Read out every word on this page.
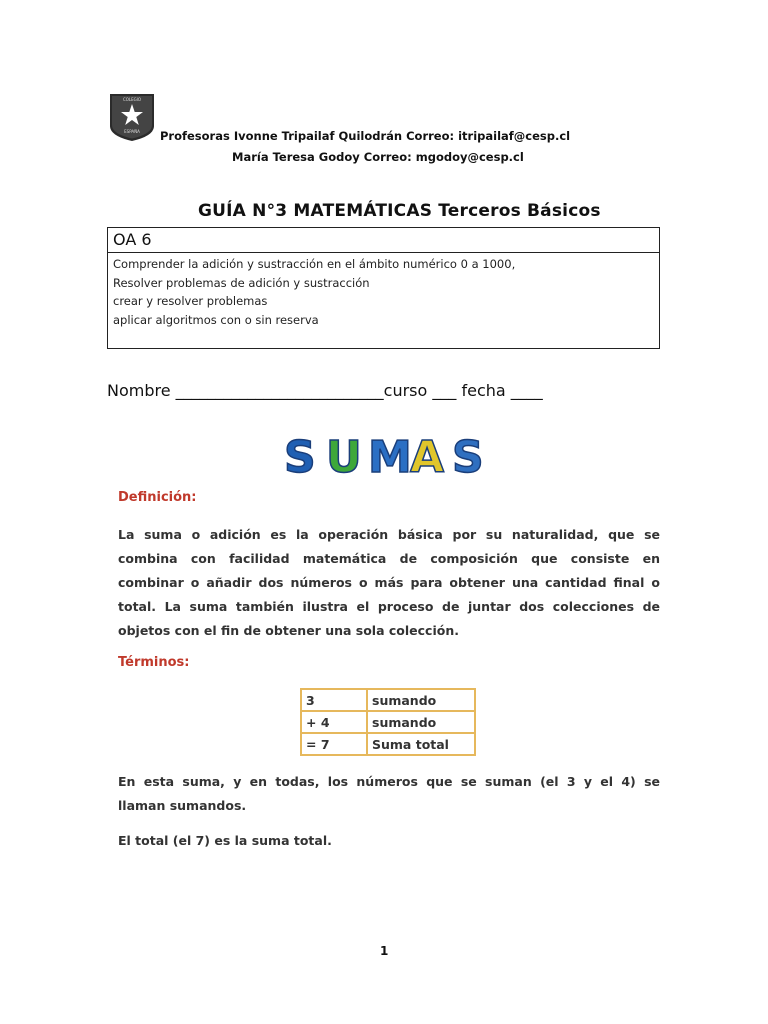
COLEGIO
ESPAÑA Profesoras Ivonne Tripailaf Quilodrán Correo: itripailaf@cesp.cl
María Teresa Godoy Correo: mgodoy@cesp.cl
GUÍA N°3 MATEMÁTICAS Terceros Básicos
OA 6
Comprender la adición y sustracción en el ámbito numérico 0 a 1000,
Resolver problemas de adición y sustracción
crear y resolver problemas
aplicar algoritmos con o sin reserva
Nombre __________________________curso ___ fecha ____
S U M
A S
Definición:
La suma o adición es la operación básica por su naturalidad, que se
combina con facilidad matemática de composición que consiste en
combinar o añadir dos números o más para obtener una cantidad final o
total. La suma también ilustra el proceso de juntar dos colecciones de
objetos con el fin de obtener una sola colección.
Términos:
3	sumando
+ 4	sumando
= 7	Suma total
En esta suma, y en todas, los números que se suman (el 3 y el 4) se
llaman sumandos.
El total (el 7) es la suma total.
1
